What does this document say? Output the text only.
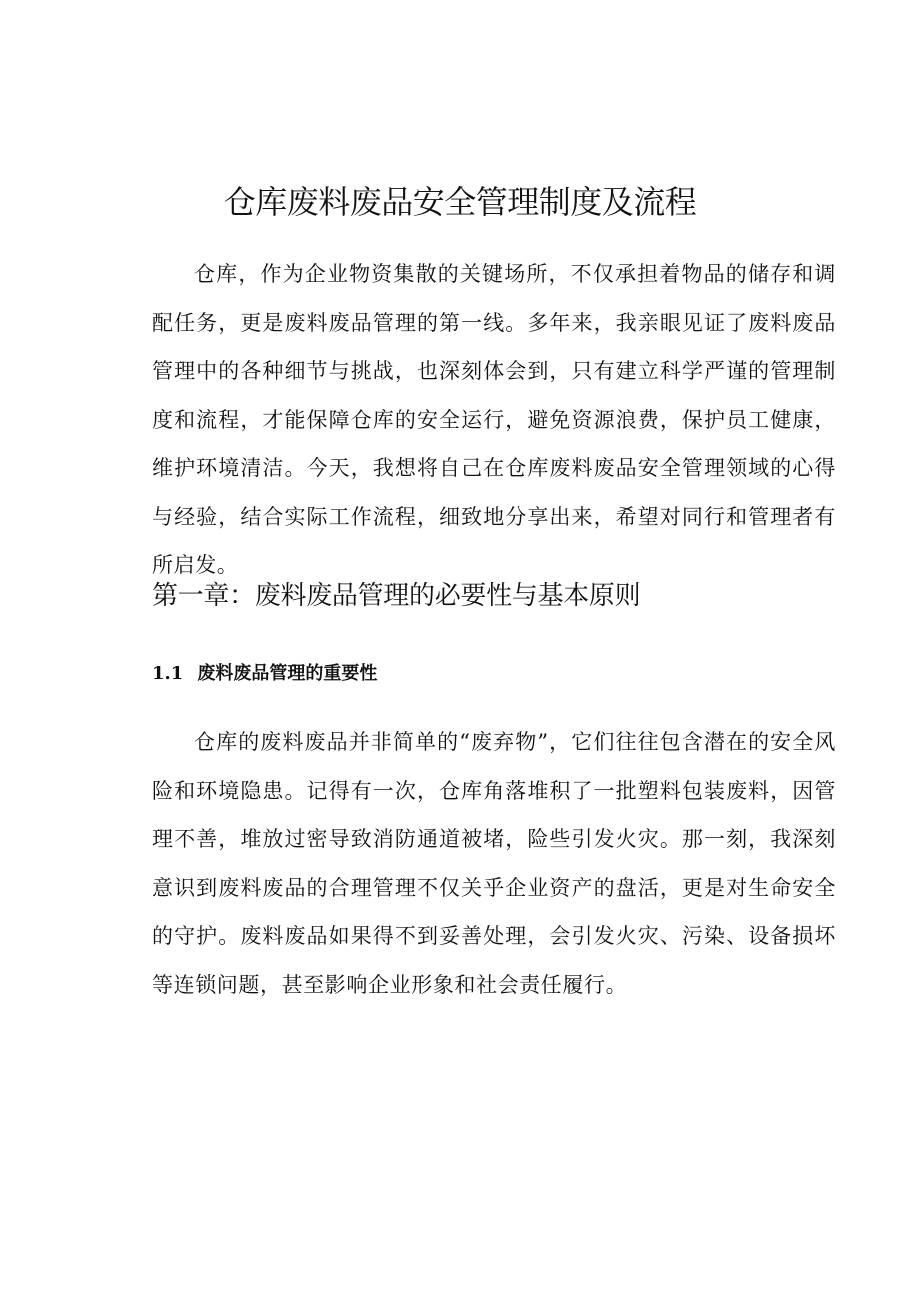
仓库废料废品安全管理制度及流程

仓库，作为企业物资集散的关键场所，不仅承担着物品的储存和调配任务，更是废料废品管理的第一线。多年来，我亲眼见证了废料废品管理中的各种细节与挑战，也深刻体会到，只有建立科学严谨的管理制度和流程，才能保障仓库的安全运行，避免资源浪费，保护员工健康，维护环境清洁。今天，我想将自己在仓库废料废品安全管理领域的心得与经验，结合实际工作流程，细致地分享出来，希望对同行和管理者有所启发。

第一章：废料废品管理的必要性与基本原则
1.1 废料废品管理的重要性

仓库的废料废品并非简单的“废弃物”，它们往往包含潜在的安全风险和环境隐患。记得有一次，仓库角落堆积了一批塑料包装废料，因管理不善，堆放过密导致消防通道被堵，险些引发火灾。那一刻，我深刻意识到废料废品的合理管理不仅关乎企业资产的盘活，更是对生命安全的守护。废料废品如果得不到妥善处理，会引发火灾、污染、设备损坏等连锁问题，甚至影响企业形象和社会责任履行。
